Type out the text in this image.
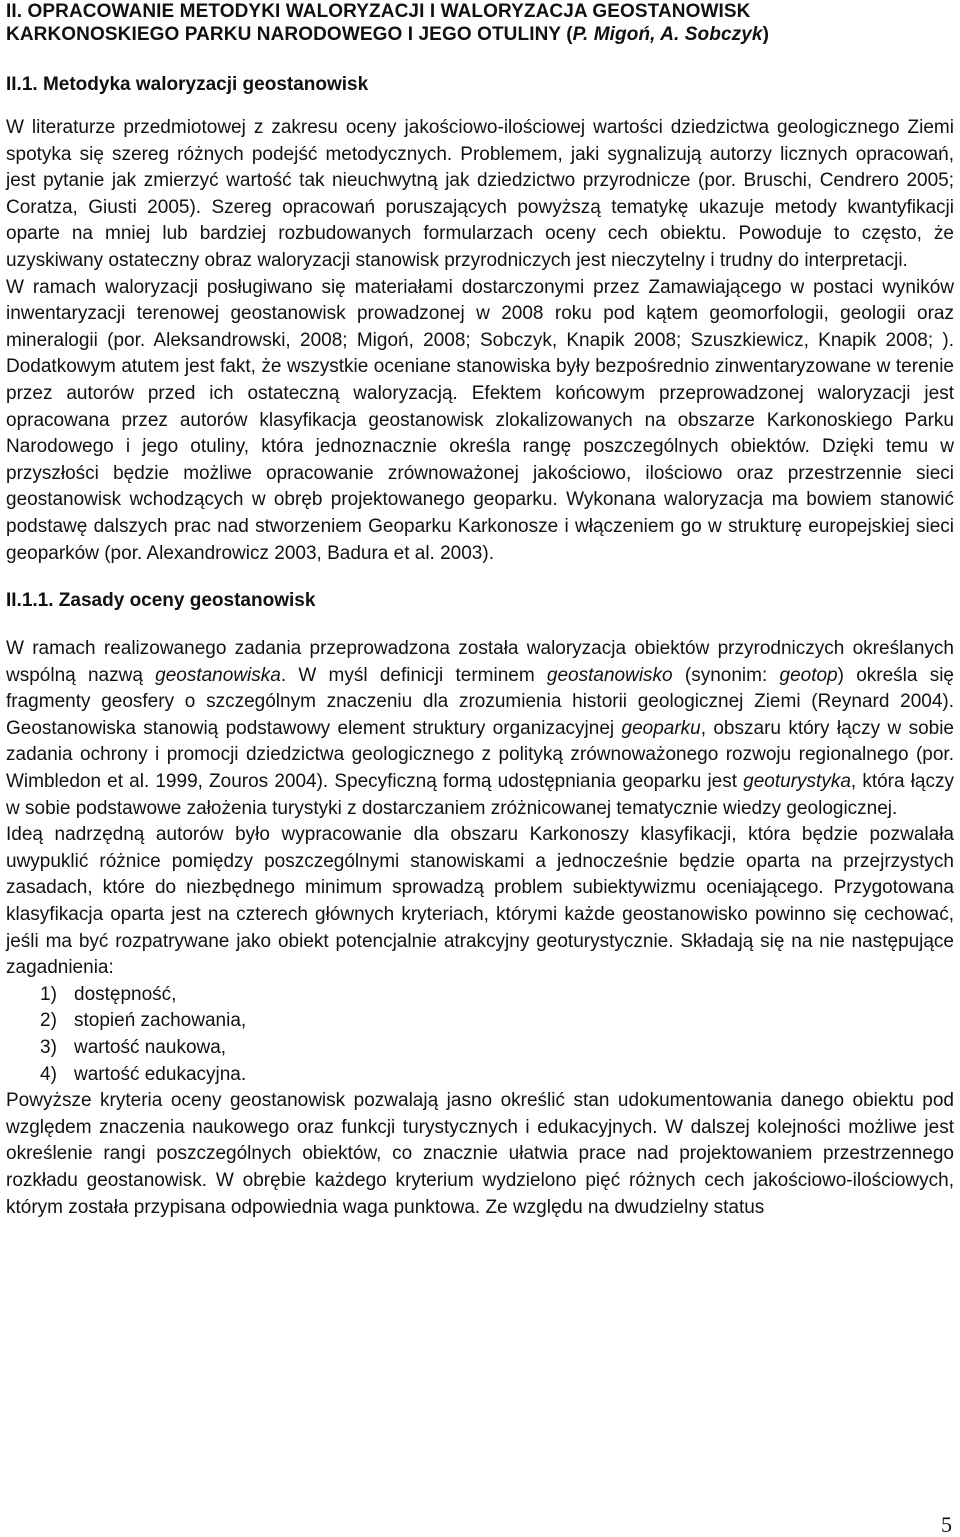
II. OPRACOWANIE METODYKI WALORYZACJI I WALORYZACJA GEOSTANOWISK
KARKONOSKIEGO PARKU NARODOWEGO I JEGO OTULINY (P. Migoń, A. Sobczyk)
II.1. Metodyka waloryzacji geostanowisk

W literaturze przedmiotowej z zakresu oceny jakościowo-ilościowej wartości dziedzictwa geologicznego Ziemi spotyka się szereg różnych podejść metodycznych. Problemem, jaki sygnalizują autorzy licznych opracowań, jest pytanie jak zmierzyć wartość tak nieuchwytną jak dziedzictwo przyrodnicze (por. Bruschi, Cendrero 2005; Coratza, Giusti 2005). Szereg opracowań poruszających powyższą tematykę ukazuje metody kwantyfikacji oparte na mniej lub bardziej rozbudowanych formularzach oceny cech obiektu. Powoduje to często, że uzyskiwany ostateczny obraz waloryzacji stanowisk przyrodniczych jest nieczytelny i trudny do interpretacji.

W ramach waloryzacji posługiwano się materiałami dostarczonymi przez Zamawiającego w postaci wyników inwentaryzacji terenowej geostanowisk prowadzonej w 2008 roku pod kątem geomorfologii, geologii oraz mineralogii (por. Aleksandrowski, 2008; Migoń, 2008; Sobczyk, Knapik 2008; Szuszkiewicz, Knapik 2008; ). Dodatkowym atutem jest fakt, że wszystkie oceniane stanowiska były bezpośrednio zinwentaryzowane w terenie przez autorów przed ich ostateczną waloryzacją. Efektem końcowym przeprowadzonej waloryzacji jest opracowana przez autorów klasyfikacja geostanowisk zlokalizowanych na obszarze Karkonoskiego Parku Narodowego i jego otuliny, która jednoznacznie określa rangę poszczególnych obiektów. Dzięki temu w przyszłości będzie możliwe opracowanie zrównoważonej jakościowo, ilościowo oraz przestrzennie sieci geostanowisk wchodzących w obręb projektowanego geoparku. Wykonana waloryzacja ma bowiem stanowić podstawę dalszych prac nad stworzeniem Geoparku Karkonosze i włączeniem go w strukturę europejskiej sieci geoparków (por. Alexandrowicz 2003, Badura et al. 2003).

II.1.1. Zasady oceny geostanowisk

W ramach realizowanego zadania przeprowadzona została waloryzacja obiektów przyrodniczych określanych wspólną nazwą geostanowiska. W myśl definicji terminem geostanowisko (synonim: geotop) określa się fragmenty geosfery o szczególnym znaczeniu dla zrozumienia historii geologicznej Ziemi (Reynard 2004). Geostanowiska stanowią podstawowy element struktury organizacyjnej geoparku, obszaru który łączy w sobie zadania ochrony i promocji dziedzictwa geologicznego z polityką zrównoważonego rozwoju regionalnego (por. Wimbledon et al. 1999, Zouros 2004). Specyficzną formą udostępniania geoparku jest geoturystyka, która łączy w sobie podstawowe założenia turystyki z dostarczaniem zróżnicowanej tematycznie wiedzy geologicznej.

Ideą nadrzędną autorów było wypracowanie dla obszaru Karkonoszy klasyfikacji, która będzie pozwalała uwypuklić różnice pomiędzy poszczególnymi stanowiskami a jednocześnie będzie oparta na przejrzystych zasadach, które do niezbędnego minimum sprowadzą problem subiektywizmu oceniającego. Przygotowana klasyfikacja oparta jest na czterech głównych kryteriach, którymi każde geostanowisko powinno się cechować, jeśli ma być rozpatrywane jako obiekt potencjalnie atrakcyjny geoturystycznie. Składają się na nie następujące zagadnienia:

1) dostępność,
2) stopień zachowania,
3) wartość naukowa,
4) wartość edukacyjna.

Powyższe kryteria oceny geostanowisk pozwalają jasno określić stan udokumentowania danego obiektu pod względem znaczenia naukowego oraz funkcji turystycznych i edukacyjnych. W dalszej kolejności możliwe jest określenie rangi poszczególnych obiektów, co znacznie ułatwia prace nad projektowaniem przestrzennego rozkładu geostanowisk. W obrębie każdego kryterium wydzielono pięć różnych cech jakościowo-ilościowych, którym została przypisana odpowiednia waga punktowa. Ze względu na dwudzielny status

5
